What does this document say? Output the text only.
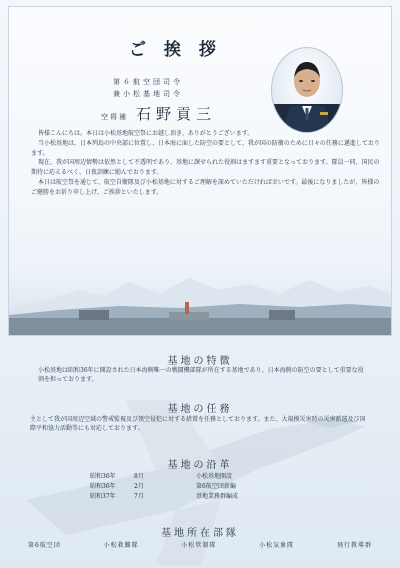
ご 挨 拶
第６航空団司令
兼小松基地司令
空将補 石野貢三

皆様こんにちは。本日は小松基地航空祭にお越し頂き、ありがとうございます。

当小松基地は、日本列島の中央部に位置し、日本海に面した防空の要として、我が国の防衛のために日々の任務に邁進しております。

現在、我が国周辺情勢は依然として不透明であり、基地に課せられた役割はますます重要となっております。隊員一同、国民の期待に応えるべく、日夜訓練に励んでおります。

本日は航空祭を通じて、航空自衛隊及び小松基地に対するご理解を深めていただければ幸いです。最後になりましたが、皆様のご健勝をお祈り申し上げ、ご挨拶といたします。

基地の特徴
小松基地は昭和36年に開設された日本海側唯一の戦闘機部隊が所在する基地であり、日本海側の防空の要として重要な役割を担っております。
基地の任務
主として我が国周辺空域の警戒監視及び領空侵犯に対する措置を任務としております。また、大規模災害時の災害派遣及び国際平和協力活動等にも対応しております。
基地の沿革
昭和36年	8月	小松基地開設
昭和36年	2月	第6航空団新編
昭和37年	7月	基地業務群編成
基地所在部隊
第6航空団	小松救難隊	小松管制隊	小松気象隊	飛行教導群
